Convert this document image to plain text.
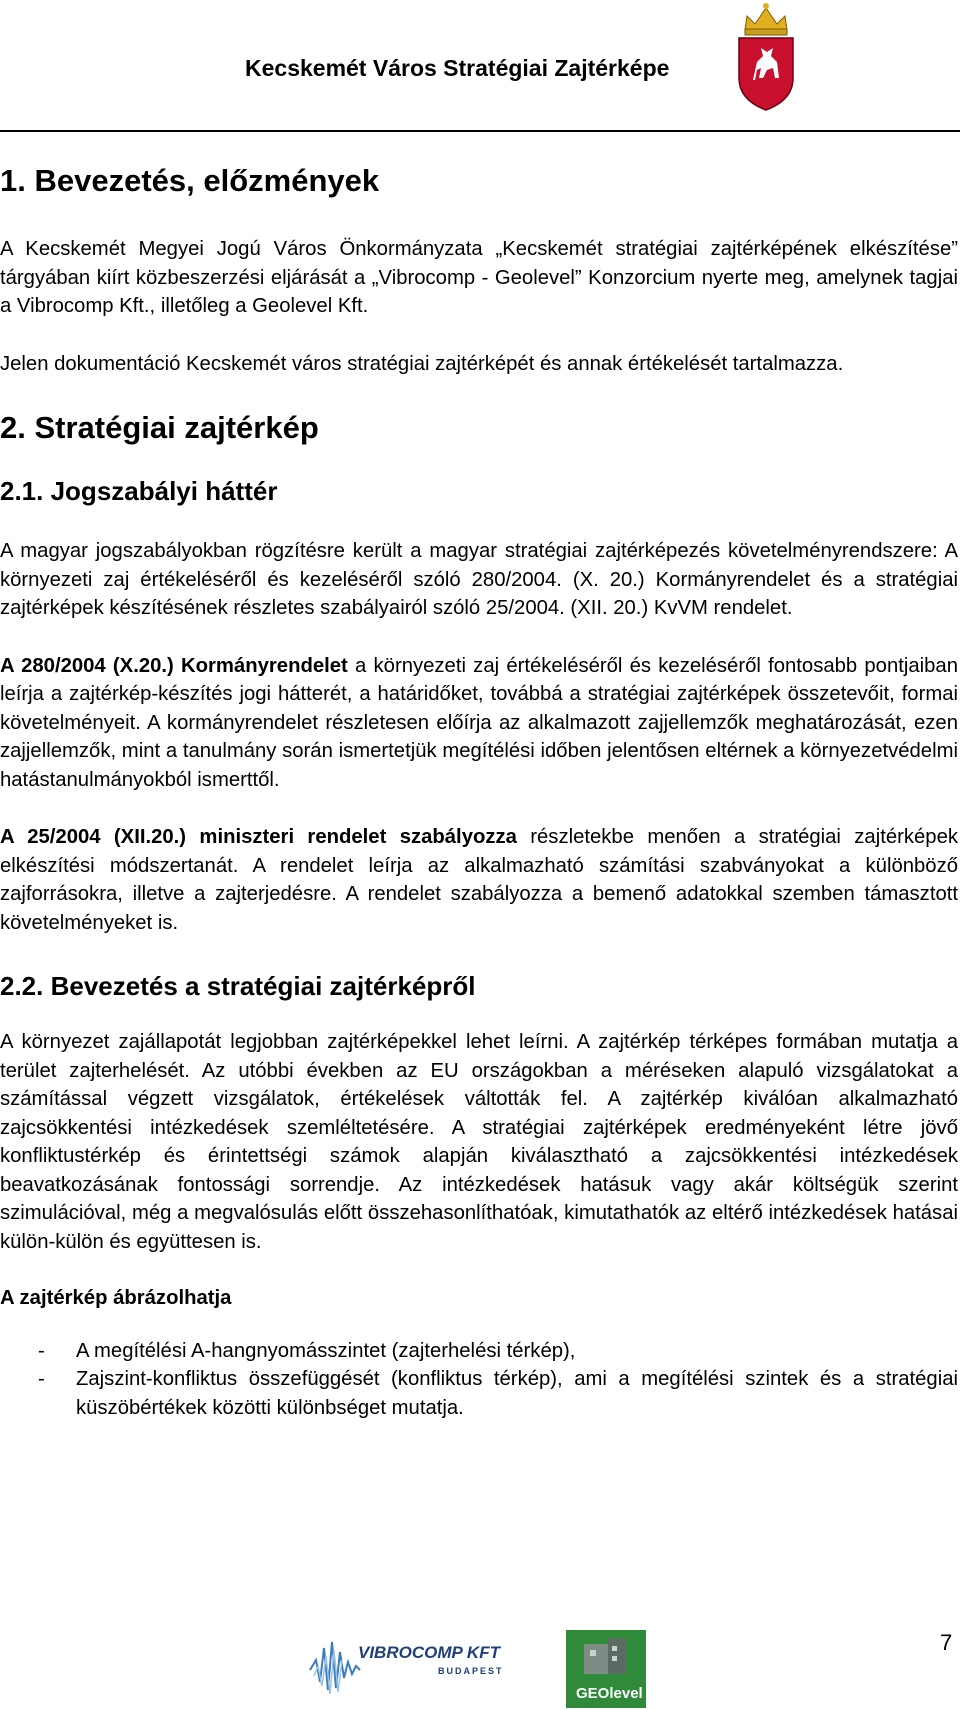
Kecskemét Város Stratégiai Zajtérképe
1. Bevezetés, előzmények

A Kecskemét Megyei Jogú Város Önkormányzata „Kecskemét stratégiai zajtérképének elkészítése” tárgyában kiírt közbeszerzési eljárását a „Vibrocomp - Geolevel” Konzorcium nyerte meg, amelynek tagjai a Vibrocomp Kft., illetőleg a Geolevel Kft.

Jelen dokumentáció Kecskemét város stratégiai zajtérképét és annak értékelését tartalmazza.

2. Stratégiai zajtérkép
2.1. Jogszabályi háttér

A magyar jogszabályokban rögzítésre került a magyar stratégiai zajtérképezés követelményrendszere: A környezeti zaj értékeléséről és kezeléséről szóló 280/2004. (X. 20.) Kormányrendelet és a stratégiai zajtérképek készítésének részletes szabályairól szóló 25/2004. (XII. 20.) KvVM rendelet.

A 280/2004 (X.20.) Kormányrendelet a környezeti zaj értékeléséről és kezeléséről fontosabb pontjaiban leírja a zajtérkép-készítés jogi hátterét, a határidőket, továbbá a stratégiai zajtérképek összetevőit, formai követelményeit. A kormányrendelet részletesen előírja az alkalmazott zajjellemzők meghatározását, ezen zajjellemzők, mint a tanulmány során ismertetjük megítélési időben jelentősen eltérnek a környezetvédelmi hatástanulmányokból ismerttől.

A 25/2004 (XII.20.) miniszteri rendelet szabályozza részletekbe menően a stratégiai zajtérképek elkészítési módszertanát. A rendelet leírja az alkalmazható számítási szabványokat a különböző zajforrásokra, illetve a zajterjedésre. A rendelet szabályozza a bemenő adatokkal szemben támasztott követelményeket is.

2.2. Bevezetés a stratégiai zajtérképről

A környezet zajállapotát legjobban zajtérképekkel lehet leírni. A zajtérkép térképes formában mutatja a terület zajterhelését. Az utóbbi években az EU országokban a méréseken alapuló vizsgálatokat a számítással végzett vizsgálatok, értékelések váltották fel. A zajtérkép kiválóan alkalmazható zajcsökkentési intézkedések szemléltetésére. A stratégiai zajtérképek eredményeként létre jövő konfliktustérkép és érintettségi számok alapján kiválasztható a zajcsökkentési intézkedések beavatkozásának fontossági sorrendje. Az intézkedések hatásuk vagy akár költségük szerint szimulációval, még a megvalósulás előtt összehasonlíthatóak, kimutathatók az eltérő intézkedések hatásai külön-külön és együttesen is.

A zajtérkép ábrázolhatja
- A megítélési A-hangnyomásszintet (zajterhelési térkép),
- Zajszint-konfliktus összefüggését (konfliktus térkép), ami a megítélési szintek és a stratégiai küszöbértékek közötti különbséget mutatja.
VIBROCOMP KFT
BUDAPEST
GEOlevel
7
